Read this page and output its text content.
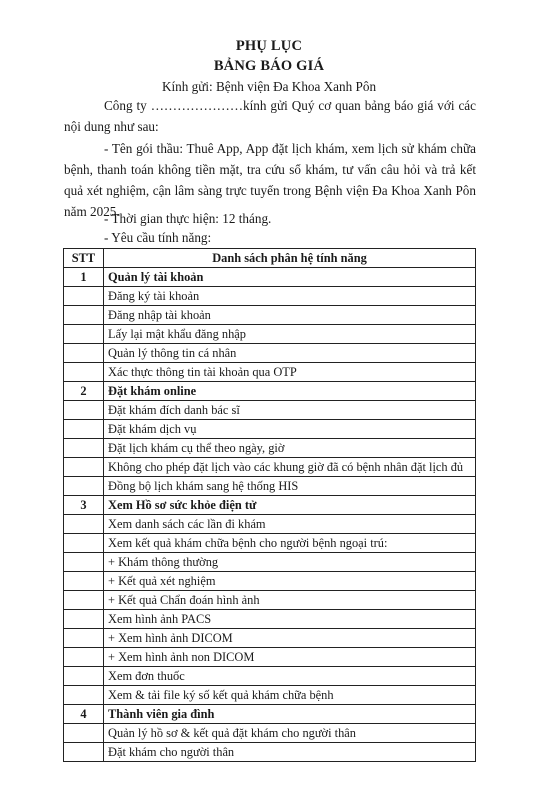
PHỤ LỤC
BẢNG BÁO GIÁ
Kính gửi: Bệnh viện Đa Khoa Xanh Pôn
Công ty …………………kính gửi Quý cơ quan bảng báo giá với các nội dung như sau:
- Tên gói thầu: Thuê App, App đặt lịch khám, xem lịch sử khám chữa bệnh, thanh toán không tiền mặt, tra cứu sổ khám, tư vấn câu hỏi và trả kết quả xét nghiệm, cận lâm sàng trực tuyến trong Bệnh viện Đa Khoa Xanh Pôn năm 2025.
- Thời gian thực hiện: 12 tháng.
- Yêu cầu tính năng:
STT	Danh sách phân hệ tính năng
1	Quản lý tài khoản
	Đăng ký tài khoản
	Đăng nhập tài khoản
	Lấy lại mật khẩu đăng nhập
	Quản lý thông tin cá nhân
	Xác thực thông tin tài khoản qua OTP
2	Đặt khám online
	Đặt khám đích danh bác sĩ
	Đặt khám dịch vụ
	Đặt lịch khám cụ thể theo ngày, giờ
	Không cho phép đặt lịch vào các khung giờ đã có bệnh nhân đặt lịch đủ
	Đồng bộ lịch khám sang hệ thống HIS
3	Xem Hồ sơ sức khỏe điện tử
	Xem danh sách các lần đi khám
	Xem kết quả khám chữa bệnh cho người bệnh ngoại trú:
	+ Khám thông thường
	+ Kết quả xét nghiệm
	+ Kết quả Chẩn đoán hình ảnh
	Xem hình ảnh PACS
	+ Xem hình ảnh DICOM
	+ Xem hình ảnh non DICOM
	Xem đơn thuốc
	Xem & tải file ký số kết quả khám chữa bệnh
4	Thành viên gia đình
	Quản lý hồ sơ & kết quả đặt khám cho người thân
	Đặt khám cho người thân
